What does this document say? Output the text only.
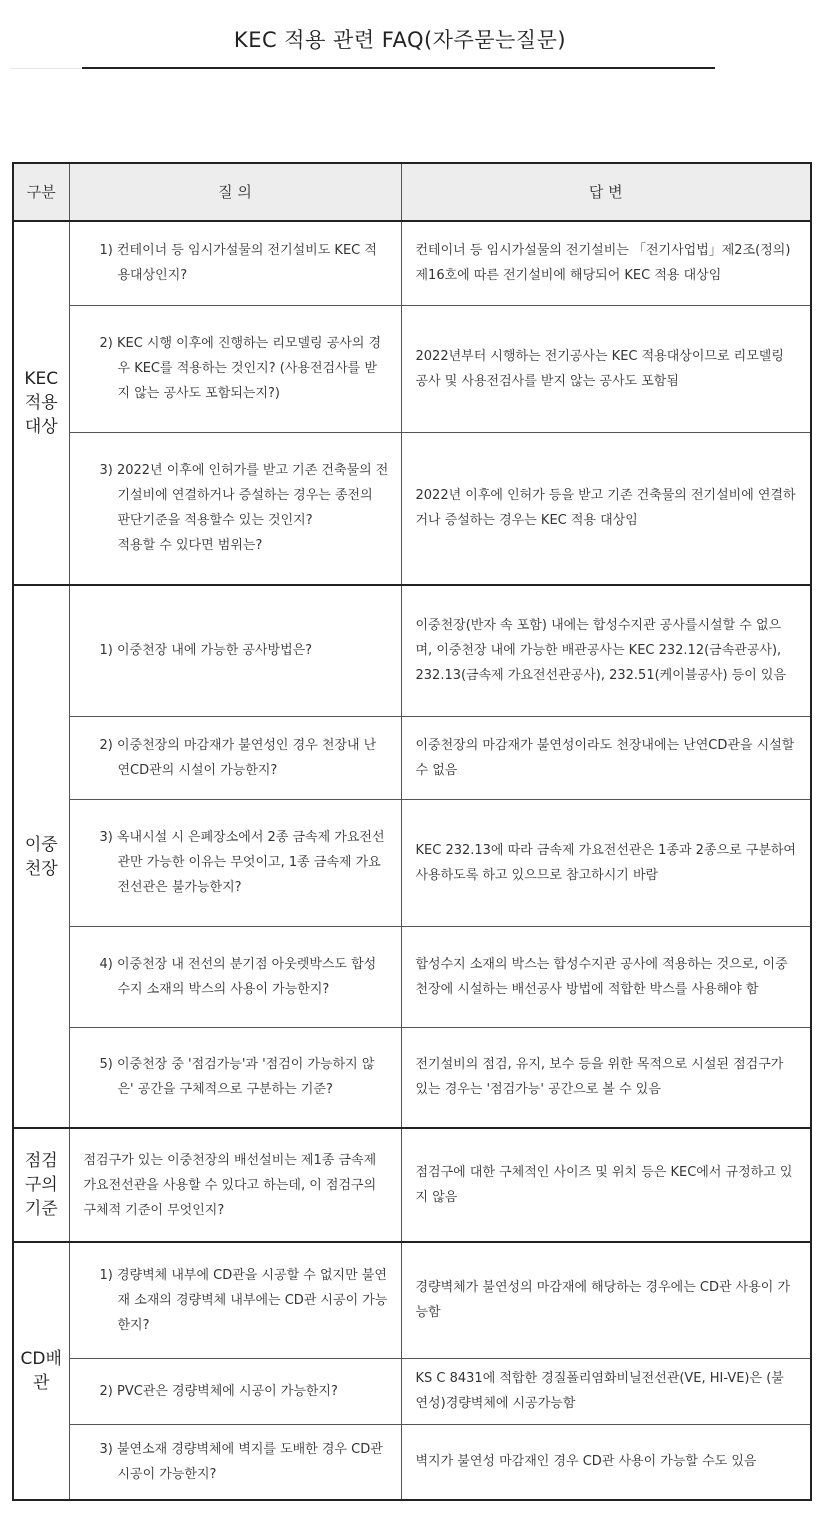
KEC 적용 관련 FAQ(자주묻는질문)
구분	질 의	답 변
KEC
적용
대상	1) 컨테이너 등 임시가설물의 전기설비도 KEC 적용대상인지?	컨테이너 등 임시가설물의 전기설비는 「전기사업법」제2조(정의)제16호에 따른 전기설비에 해당되어 KEC 적용 대상임

	2) KEC 시행 이후에 진행하는 리모델링 공사의 경우 KEC를 적용하는 것인지? (사용전검사를 받지 않는 공사도 포함되는지?)	2022년부터 시행하는 전기공사는 KEC 적용대상이므로 리모델링 공사 및 사용전검사를 받지 않는 공사도 포함됨

	3) 2022년 이후에 인허가를 받고 기존 건축물의 전기설비에 연결하거나 증설하는 경우는 종전의 판단기준을 적용할수 있는 것인지?
적용할 수 있다면 범위는?	2022년 이후에 인허가 등을 받고 기존 건축물의 전기설비에 연결하거나 증설하는 경우는 KEC 적용 대상임
이중
천장	1) 이중천장 내에 가능한 공사방법은?	이중천장(반자 속 포함) 내에는 합성수지관 공사를시설할 수 없으며, 이중천장 내에 가능한 배관공사는 KEC 232.12(금속관공사), 232.13(금속제 가요전선관공사), 232.51(케이블공사) 등이 있음

	2) 이중천장의 마감재가 불연성인 경우 천장내 난연CD관의 시설이 가능한지?	이중천장의 마감재가 불연성이라도 천장내에는 난연CD관을 시설할 수 없음

	3) 옥내시설 시 은폐장소에서 2종 금속제 가요전선관만 가능한 이유는 무엇이고, 1종 금속제 가요전선관은 불가능한지?	KEC 232.13에 따라 금속제 가요전선관은 1종과 2종으로 구분하여 사용하도록 하고 있으므로 참고하시기 바람

	4) 이중천장 내 전선의 분기점 아웃렛박스도 합성수지 소재의 박스의 사용이 가능한지?	합성수지 소재의 박스는 합성수지관 공사에 적용하는 것으로, 이중천장에 시설하는 배선공사 방법에 적합한 박스를 사용해야 함

	5) 이중천장 중 '점검가능'과 '점검이 가능하지 않은' 공간을 구체적으로 구분하는 기준?	전기설비의 점검, 유지, 보수 등을 위한 목적으로 시설된 점검구가 있는 경우는 '점검가능' 공간으로 볼 수 있음
점검
구의
기준	점검구가 있는 이중천장의 배선설비는 제1종 금속제 가요전선관을 사용할 수 있다고 하는데, 이 점검구의 구체적 기준이 무엇인지?	점검구에 대한 구체적인 사이즈 및 위치 등은 KEC에서 규정하고 있지 않음
CD배
관	1) 경량벽체 내부에 CD관을 시공할 수 없지만 불연재 소재의 경량벽체 내부에는 CD관 시공이 가능한지?	경량벽체가 불연성의 마감재에 해당하는 경우에는 CD관 사용이 가능함

	2) PVC관은 경량벽체에 시공이 가능한지?	KS C 8431에 적합한 경질폴리염화비닐전선관(VE, HI-VE)은 (불연성)경량벽체에 시공가능함

	3) 불연소재 경량벽체에 벽지를 도배한 경우 CD관 시공이 가능한지?	벽지가 불연성 마감재인 경우 CD관 사용이 가능할 수도 있음
